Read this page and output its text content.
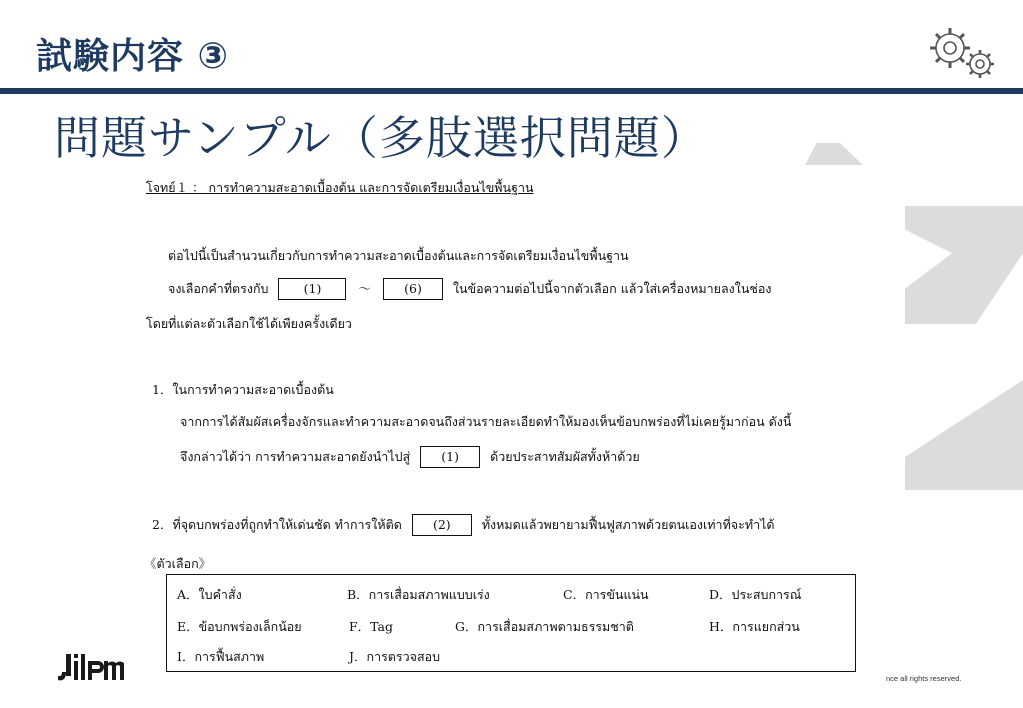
試験内容 ③
問題サンプル（多肢選択問題）
โจทย์１ ： การทำความสะอาดเบื้องต้น และการจัดเตรียมเงื่อนไขพื้นฐาน
ต่อไปนี้เป็นสำนวนเกี่ยวกับการทำความสะอาดเบื้องต้นและการจัดเตรียมเงื่อนไขพื้นฐาน
จงเลือกคำที่ตรงกับ	(1)	～	(6) ในข้อความต่อไปนี้จากตัวเลือก แล้วใส่เครื่องหมายลงในช่อง
โดยที่แต่ละตัวเลือกใช้ได้เพียงครั้งเดียว
1．ในการทำความสะอาดเบื้องต้น
จากการได้สัมผัสเครื่องจักรและทำความสะอาดจนถึงส่วนรายละเอียดทำให้มองเห็นข้อบกพร่องที่ไม่เคยรู้มาก่อน ดังนี้
จึงกล่าวได้ว่า การทำความสะอาดยังนำไปสู่ (1) ด้วยประสาทสัมผัสทั้งห้าด้วย
2．ที่จุดบกพร่องที่ถูกทำให้เด่นชัด ทำการให้ติด (2) ทั้งหมดแล้วพยายามฟื้นฟูสภาพด้วยตนเองเท่าที่จะทำได้
《ตัวเลือก》
A．ใบคำสั่ง	B．การเสื่อมสภาพแบบเร่ง	C．การขันแน่น	D．ประสบการณ์
E．ข้อบกพร่องเล็กน้อย	F．Tag	G．การเสื่อมสภาพตามธรรมชาติ	H．การแยกส่วน
I．การฟื้นสภาพ	J．การตรวจสอบ
nce all rights reserved.
